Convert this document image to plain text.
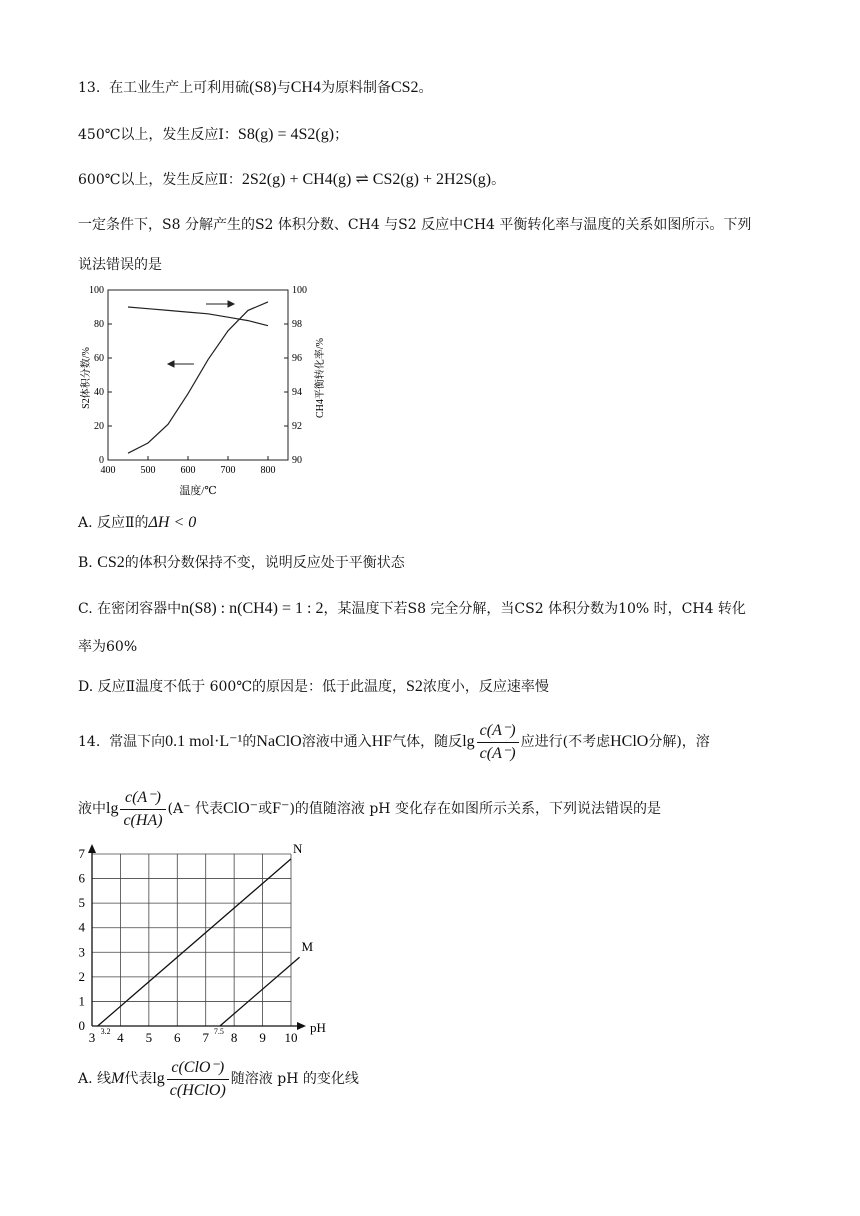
13. 在工业生产上可利用硫(S8)与CH4为原料制备CS2。
450℃以上，发生反应Ⅰ：S8(g) = 4S2(g)；
600℃以上，发生反应Ⅱ：2S2(g) + CH4(g) ⇌ CS2(g) + 2H2S(g)。
一定条件下，S8 分解产生的S2 体积分数、CH4 与S2 反应中CH4 平衡转化率与温度的关系如图所示。下列
说法错误的是
400	500	600	700	800
0
20
40
60
80
100
90
92
94
96
98
100
温度/℃
S2体积分数/%	CH4平衡转化率/%
A. 反应Ⅱ的ΔH < 0
B. CS2的体积分数保持不变，说明反应处于平衡状态
C. 在密闭容器中n(S8) : n(CH4) = 1 : 2，某温度下若S8 完全分解，当CS2 体积分数为10% 时，CH4 转化
率为60%
D. 反应Ⅱ温度不低于 600℃的原因是：低于此温度，S2浓度小，反应速率慢
14. 常温下向0.1 mol·L⁻¹的NaClO溶液中通入HF气体，随反$\lg \frac{c(A^-)}{c(A^-)}$ 应进行(不考虑HClO分解)，溶
液中$\lg \frac{c(A^-)}{c(HA)} (A^-$ 代表ClO⁻或F⁻)的值随溶液 pH 变化存在如图所示关系，下列说法错误的是
3 4 5 6 7 8 9 10
0
1
2
3
4
5
6
7
3.2	7.5	pH
N
M
A. 线M代表$\lg \frac{\text{c(ClO⁻)}}{\text{c(HClO)}}$ 随溶液 pH 的变化线
